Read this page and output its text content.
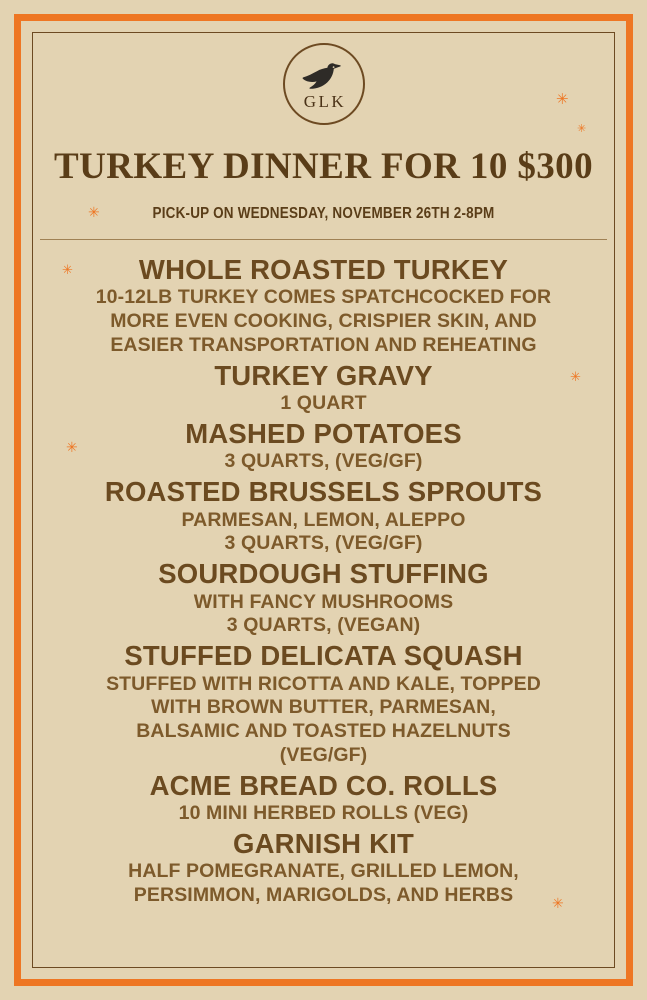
✳
✳
✳
✳
✳
✳
✳
GLK
TURKEY DINNER FOR 10 $300
PICK-UP ON WEDNESDAY, NOVEMBER 26TH 2-8PM
WHOLE ROASTED TURKEY
10-12LB TURKEY COMES SPATCHCOCKED FOR
MORE EVEN COOKING, CRISPIER SKIN, AND
EASIER TRANSPORTATION AND REHEATING
TURKEY GRAVY
1 QUART
MASHED POTATOES
3 QUARTS, (VEG/GF)
ROASTED BRUSSELS SPROUTS
PARMESAN, LEMON, ALEPPO
3 QUARTS, (VEG/GF)
SOURDOUGH STUFFING
WITH FANCY MUSHROOMS
3 QUARTS, (VEGAN)
STUFFED DELICATA SQUASH
STUFFED WITH RICOTTA AND KALE, TOPPED
WITH BROWN BUTTER, PARMESAN,
BALSAMIC AND TOASTED HAZELNUTS
(VEG/GF)
ACME BREAD CO. ROLLS
10 MINI HERBED ROLLS (VEG)
GARNISH KIT
HALF POMEGRANATE, GRILLED LEMON,
PERSIMMON, MARIGOLDS, AND HERBS
